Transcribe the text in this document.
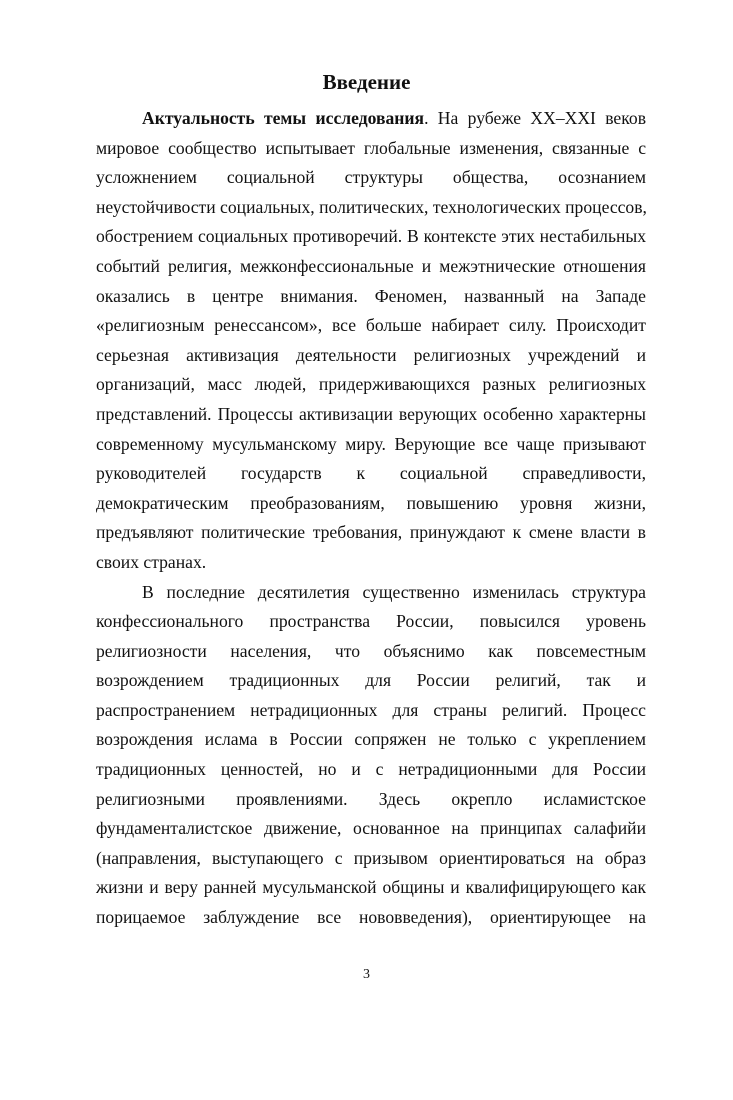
Введение
Актуальность темы исследования. На рубеже XX–XXI веков
мировое сообщество испытывает глобальные изменения, связанные с
усложнением социальной структуры общества, осознанием
неустойчивости социальных, политических, технологических процессов,
обострением социальных противоречий. В контексте этих нестабильных
событий религия, межконфессиональные и межэтнические отношения
оказались в центре внимания. Феномен, названный на Западе
«религиозным ренессансом», все больше набирает силу. Происходит
серьезная активизация деятельности религиозных учреждений и
организаций, масс людей, придерживающихся разных религиозных
представлений. Процессы активизации верующих особенно характерны
современному мусульманскому миру. Верующие все чаще призывают
руководителей государств к социальной справедливости,
демократическим преобразованиям, повышению уровня жизни,
предъявляют политические требования, принуждают к смене власти в
своих странах.
В последние десятилетия существенно изменилась структура
конфессионального пространства России, повысился уровень
религиозности населения, что объяснимо как повсеместным
возрождением традиционных для России религий, так и
распространением нетрадиционных для страны религий. Процесс
возрождения ислама в России сопряжен не только с укреплением
традиционных ценностей, но и с нетрадиционными для России
религиозными проявлениями. Здесь окрепло исламистское
фундаменталистское движение, основанное на принципах салафийи
(направления, выступающего с призывом ориентироваться на образ
жизни и веру ранней мусульманской общины и квалифицирующего как
порицаемое заблуждение все нововведения), ориентирующее на
3
